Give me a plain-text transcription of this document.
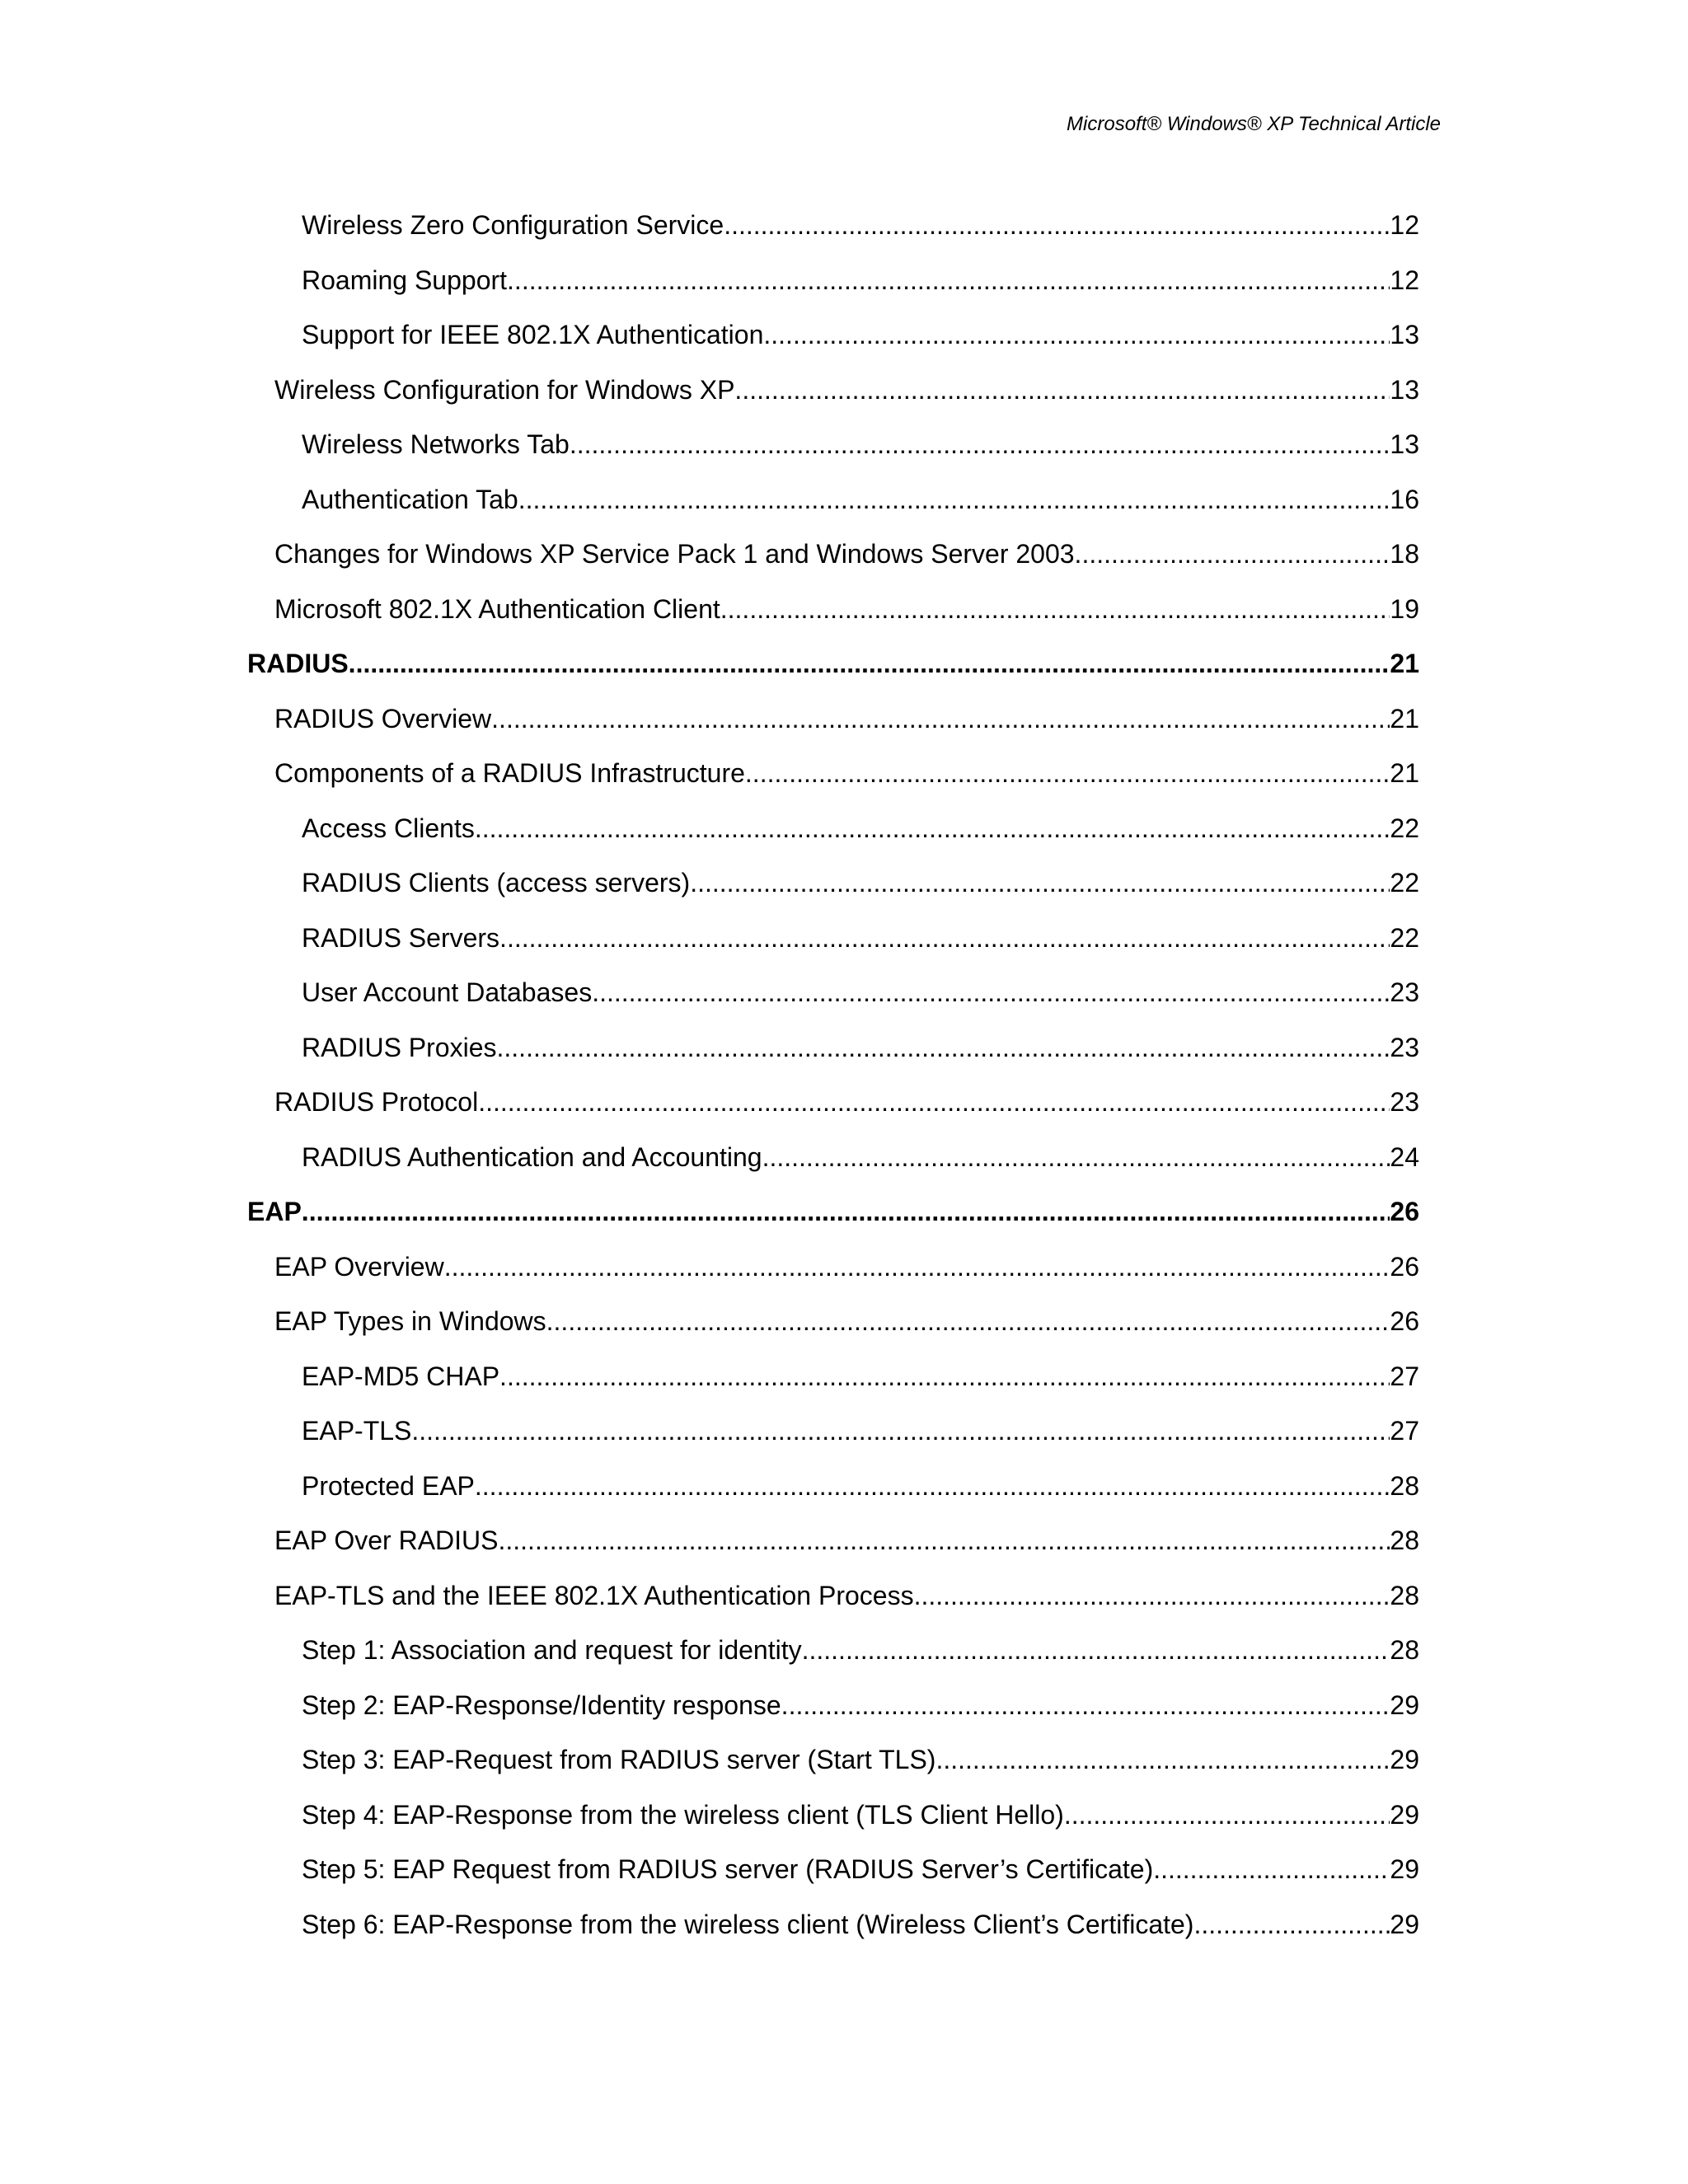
Microsoft® Windows® XP Technical Article
Wireless Zero Configuration Service .....	12
Roaming Support .....	12
Support for IEEE 802.1X Authentication .....	13
Wireless Configuration for Windows XP .....	13
Wireless Networks Tab .....	13
Authentication Tab .....	16
Changes for Windows XP Service Pack 1 and Windows Server 2003 .....	18
Microsoft 802.1X Authentication Client .....	19
RADIUS .....	21
RADIUS Overview .....	21
Components of a RADIUS Infrastructure .....	21
Access Clients .....	22
RADIUS Clients (access servers) .....	22
RADIUS Servers .....	22
User Account Databases .....	23
RADIUS Proxies .....	23
RADIUS Protocol .....	23
RADIUS Authentication and Accounting .....	24
EAP .....	26
EAP Overview .....	26
EAP Types in Windows .....	26
EAP-MD5 CHAP .....	27
EAP-TLS .....	27
Protected EAP .....	28
EAP Over RADIUS .....	28
EAP-TLS and the IEEE 802.1X Authentication Process .....	28
Step 1: Association and request for identity .....	28
Step 2: EAP-Response/Identity response .....	29
Step 3: EAP-Request from RADIUS server (Start TLS) .....	29
Step 4: EAP-Response from the wireless client (TLS Client Hello) .....	29
Step 5: EAP Request from RADIUS server (RADIUS Server’s Certificate) .....	29
Step 6: EAP-Response from the wireless client (Wireless Client’s Certificate) .....	29
